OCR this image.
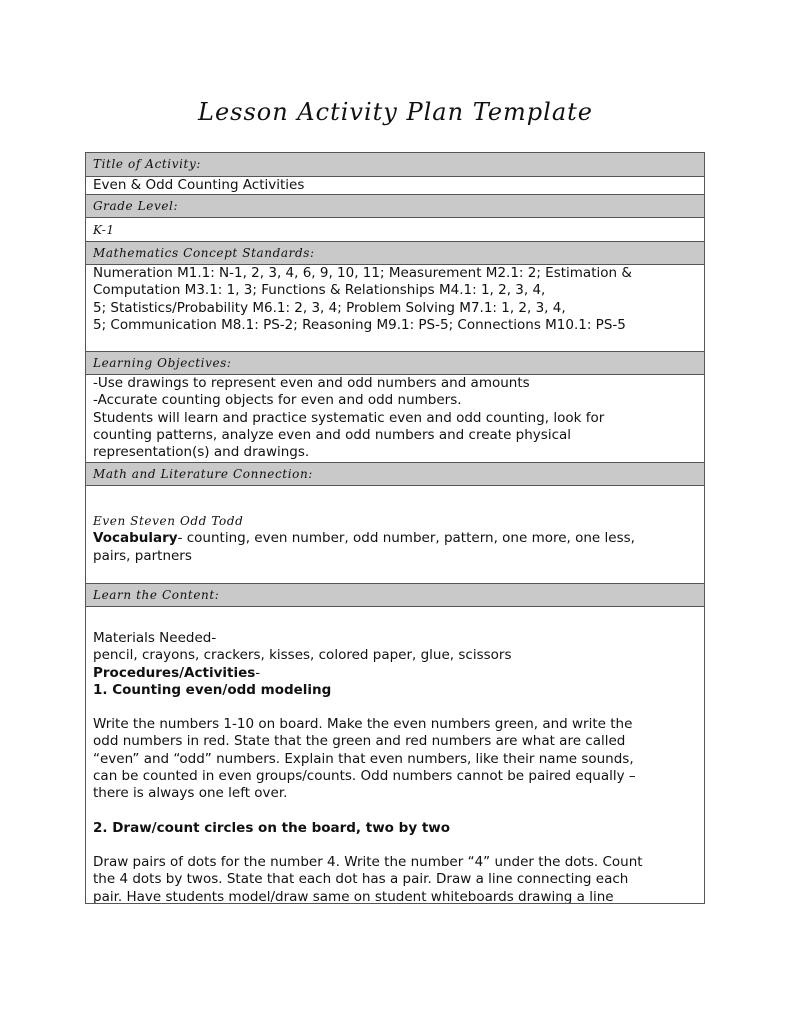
Lesson Activity Plan Template
Title of Activity:
Even & Odd Counting Activities
Grade Level:
K-1
Mathematics Concept Standards:
Numeration M1.1: N-1, 2, 3, 4, 6, 9, 10, 11; Measurement M2.1: 2; Estimation &
Computation M3.1: 1, 3; Functions & Relationships M4.1: 1, 2, 3, 4,
5; Statistics/Probability M6.1: 2, 3, 4; Problem Solving M7.1: 1, 2, 3, 4,
5; Communication M8.1: PS-2; Reasoning M9.1: PS-5; Connections M10.1: PS-5
Learning Objectives:
-Use drawings to represent even and odd numbers and amounts
-Accurate counting objects for even and odd numbers.
Students will learn and practice systematic even and odd counting, look for
counting patterns, analyze even and odd numbers and create physical
representation(s) and drawings.
Math and Literature Connection:
Even Steven Odd Todd
Vocabulary- counting, even number, odd number, pattern, one more, one less,
pairs, partners
Learn the Content:
Materials Needed-
pencil, crayons, crackers, kisses, colored paper, glue, scissors
Procedures/Activities-
1. Counting even/odd modeling
Write the numbers 1-10 on board. Make the even numbers green, and write the
odd numbers in red. State that the green and red numbers are what are called
“even” and “odd” numbers. Explain that even numbers, like their name sounds,
can be counted in even groups/counts. Odd numbers cannot be paired equally –
there is always one left over.
2. Draw/count circles on the board, two by two
Draw pairs of dots for the number 4. Write the number “4” under the dots. Count
the 4 dots by twos. State that each dot has a pair. Draw a line connecting each
pair. Have students model/draw same on student whiteboards drawing a line
